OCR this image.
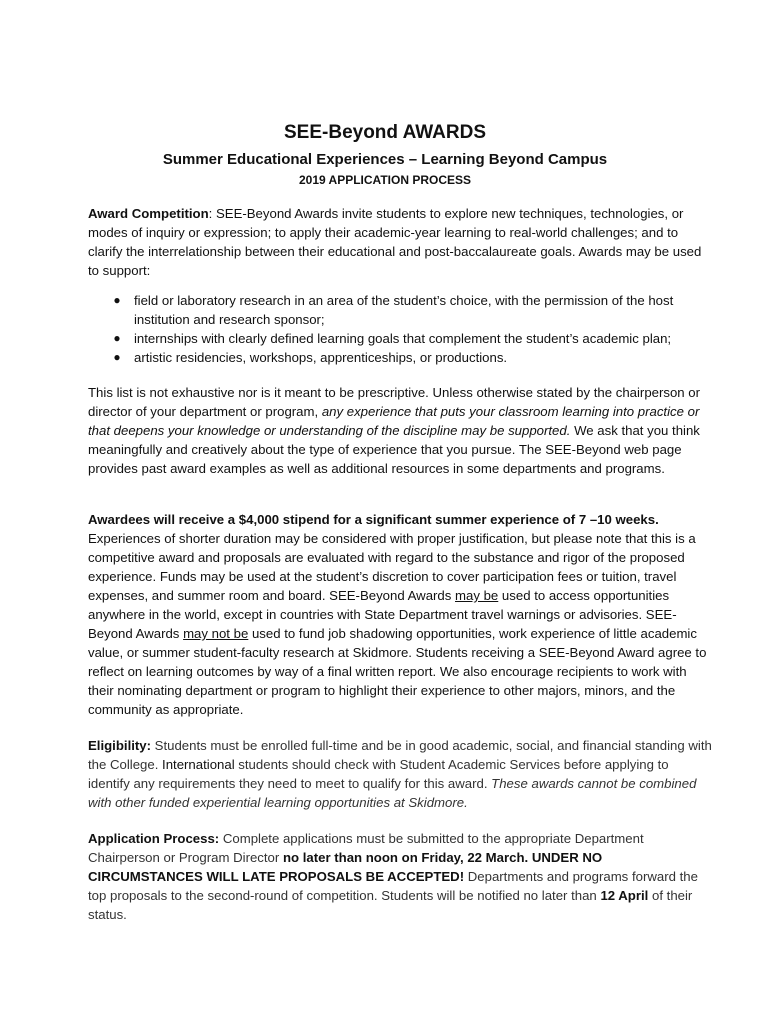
SEE-Beyond AWARDS
Summer Educational Experiences – Learning Beyond Campus
2019 APPLICATION PROCESS

Award Competition: SEE-Beyond Awards invite students to explore new techniques, technologies, or modes of inquiry or expression; to apply their academic-year learning to real-world challenges; and to clarify the interrelationship between their educational and post-baccalaureate goals. Awards may be used to support:

● field or laboratory research in an area of the student’s choice, with the permission of the host institution and research sponsor;
● internships with clearly defined learning goals that complement the student’s academic plan;
● artistic residencies, workshops, apprenticeships, or productions.

This list is not exhaustive nor is it meant to be prescriptive. Unless otherwise stated by the chairperson or director of your department or program, any experience that puts your classroom learning into practice or that deepens your knowledge or understanding of the discipline may be supported. We ask that you think meaningfully and creatively about the type of experience that you pursue. The SEE-Beyond web page provides past award examples as well as additional resources in some departments and programs.

Awardees will receive a $4,000 stipend for a significant summer experience of 7 –10 weeks. Experiences of shorter duration may be considered with proper justification, but please note that this is a competitive award and proposals are evaluated with regard to the substance and rigor of the proposed experience. Funds may be used at the student’s discretion to cover participation fees or tuition, travel expenses, and summer room and board. SEE-Beyond Awards may be used to access opportunities anywhere in the world, except in countries with State Department travel warnings or advisories. SEE-Beyond Awards may not be used to fund job shadowing opportunities, work experience of little academic value, or summer student-faculty research at Skidmore. Students receiving a SEE-Beyond Award agree to reflect on learning outcomes by way of a final written report. We also encourage recipients to work with their nominating department or program to highlight their experience to other majors, minors, and the community as appropriate.

Eligibility: Students must be enrolled full-time and be in good academic, social, and financial standing with the College. International students should check with Student Academic Services before applying to identify any requirements they need to meet to qualify for this award. These awards cannot be combined with other funded experiential learning opportunities at Skidmore.

Application Process: Complete applications must be submitted to the appropriate Department Chairperson or Program Director no later than noon on Friday, 22 March. UNDER NO CIRCUMSTANCES WILL LATE PROPOSALS BE ACCEPTED! Departments and programs forward the top proposals to the second-round of competition. Students will be notified no later than 12 April of their status.
